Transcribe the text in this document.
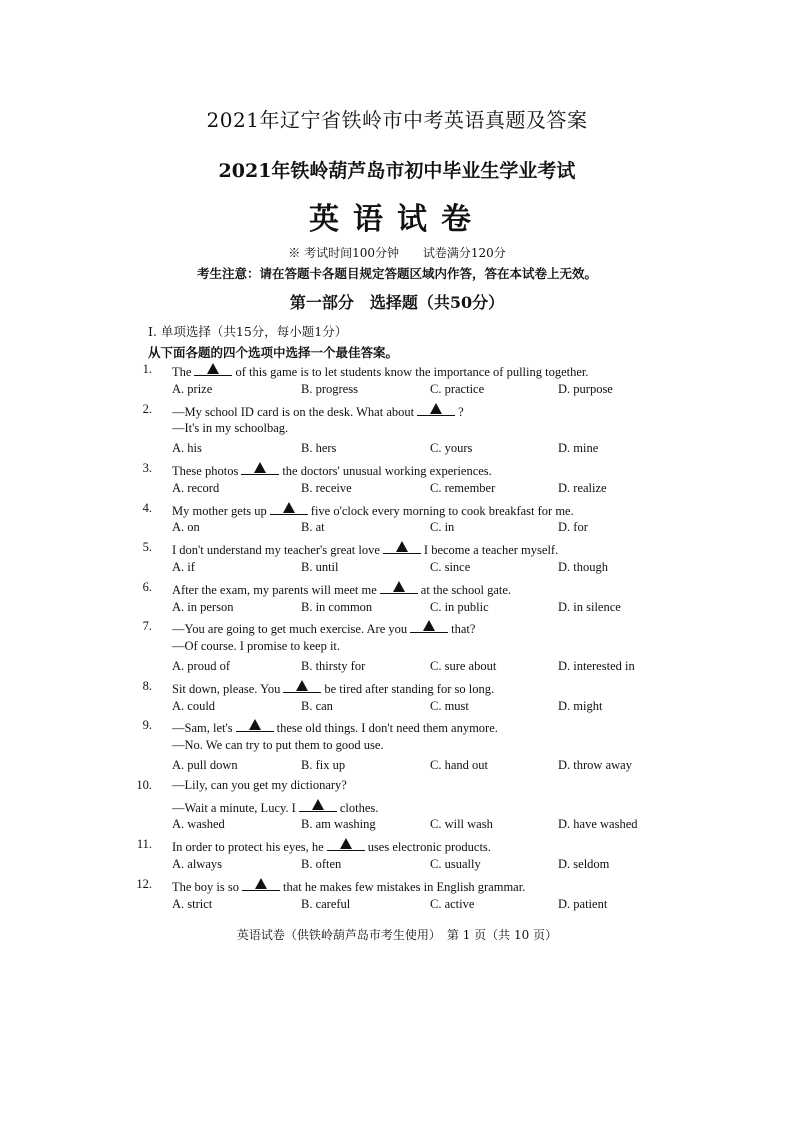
2021年辽宁省铁岭市中考英语真题及答案
2021年铁岭葫芦岛市初中毕业生学业考试
英语试卷
※ 考试时间100分钟 试卷满分120分
考生注意：请在答题卡各题目规定答题区域内作答，答在本试卷上无效。
第一部分　选择题（共50分）
Ⅰ. 单项选择（共15分，每小题1分）
从下面各题的四个选项中选择一个最佳答案。
1. The	of this game is to let students know the importance of pulling together.
A. prize	B. progress	C. practice	D. purpose
2. —My school ID card is on the desk. What about	?
—It's in my schoolbag.
A. his	B. hers	C. yours	D. mine
3. These photos	the doctors' unusual working experiences.
A. record	B. receive	C. remember	D. realize
4. My mother gets up	five o'clock every morning to cook breakfast for me.
A. on	B. at	C. in	D. for
5. I don't understand my teacher's great love	I become a teacher myself.
A. if	B. until	C. since	D. though
6. After the exam, my parents will meet me	at the school gate.
A. in person	B. in common	C. in public	D. in silence
7. —You are going to get much exercise. Are you	that?
—Of course. I promise to keep it.
A. proud of	B. thirsty for	C. sure about	D. interested in
8. Sit down, please. You	be tired after standing for so long.
A. could	B. can	C. must	D. might
9. —Sam, let's	these old things. I don't need them anymore.
—No. We can try to put them to good use.
A. pull down	B. fix up	C. hand out	D. throw away
10. —Lily, can you get my dictionary?
—Wait a minute, Lucy. I	clothes.
A. washed	B. am washing	C. will wash	D. have washed
11. In order to protect his eyes, he	uses electronic products.
A. always	B. often	C. usually	D. seldom
12. The boy is so	that he makes few mistakes in English grammar.
A. strict	B. careful	C. active	D. patient
英语试卷（供铁岭葫芦岛市考生使用）　第 1 页（共 10 页）
